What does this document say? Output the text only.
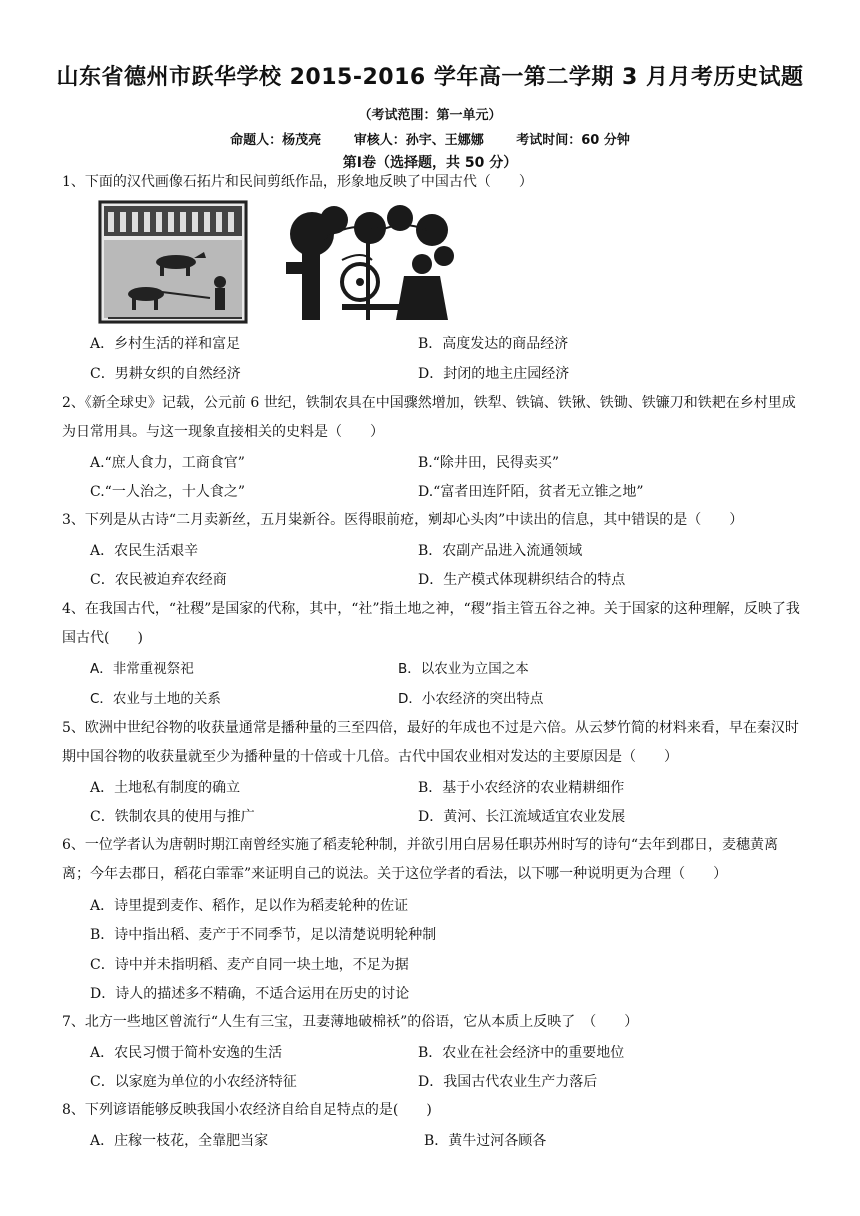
山东省德州市跃华学校 2015-2016 学年高一第二学期 3 月月考历史试题
（考试范围：第一单元）
命题人：杨茂亮	审核人：孙宇、王娜娜	考试时间：60 分钟
第Ⅰ卷（选择题，共 50 分）
1、下面的汉代画像石拓片和民间剪纸作品，形象地反映了中国古代（　　）
A．乡村生活的祥和富足	B．高度发达的商品经济
C．男耕女织的自然经济	D．封闭的地主庄园经济
2、《新全球史》记载，公元前 6 世纪，铁制农具在中国骤然增加，铁犁、铁镐、铁锹、铁锄、铁镰刀和铁耙在乡村里成为日常用具。与这一现象直接相关的史料是（　　）
A.“庶人食力，工商食官”	B.“除井田，民得卖买”
C.“一人治之，十人食之”	D.“富者田连阡陌，贫者无立锥之地”
3、下列是从古诗“二月卖新丝，五月粜新谷。医得眼前疮，剜却心头肉”中读出的信息，其中错误的是（　　）
A．农民生活艰辛	B．农副产品进入流通领域
C．农民被迫弃农经商	D．生产模式体现耕织结合的特点
4、在我国古代，“社稷”是国家的代称，其中，“社”指土地之神，“稷”指主管五谷之神。关于国家的这种理解，反映了我国古代(　　)
A．非常重视祭祀	B．以农业为立国之本
C．农业与土地的关系	D．小农经济的突出特点
5、欧洲中世纪谷物的收获量通常是播种量的三至四倍，最好的年成也不过是六倍。从云梦竹简的材料来看，早在秦汉时期中国谷物的收获量就至少为播种量的十倍或十几倍。古代中国农业相对发达的主要原因是（　　）
A．土地私有制度的确立	B．基于小农经济的农业精耕细作
C．铁制农具的使用与推广	D．黄河、长江流域适宜农业发展
6、一位学者认为唐朝时期江南曾经实施了稻麦轮种制，并欲引用白居易任职苏州时写的诗句“去年到郡日，麦穗黄离离；今年去郡日，稻花白霏霏”来证明自己的说法。关于这位学者的看法，以下哪一种说明更为合理（　　）
A．诗里提到麦作、稻作，足以作为稻麦轮种的佐证
B．诗中指出稻、麦产于不同季节，足以清楚说明轮种制
C．诗中并未指明稻、麦产自同一块土地，不足为据
D．诗人的描述多不精确，不适合运用在历史的讨论
7、北方一些地区曾流行“人生有三宝，丑妻薄地破棉袄”的俗语，它从本质上反映了　（　　）
A．农民习惯于简朴安逸的生活	B．农业在社会经济中的重要地位
C．以家庭为单位的小农经济特征	D．我国古代农业生产力落后
8、下列谚语能够反映我国小农经济自给自足特点的是(　　)
A．庄稼一枝花，全靠肥当家	B．黄牛过河各顾各
